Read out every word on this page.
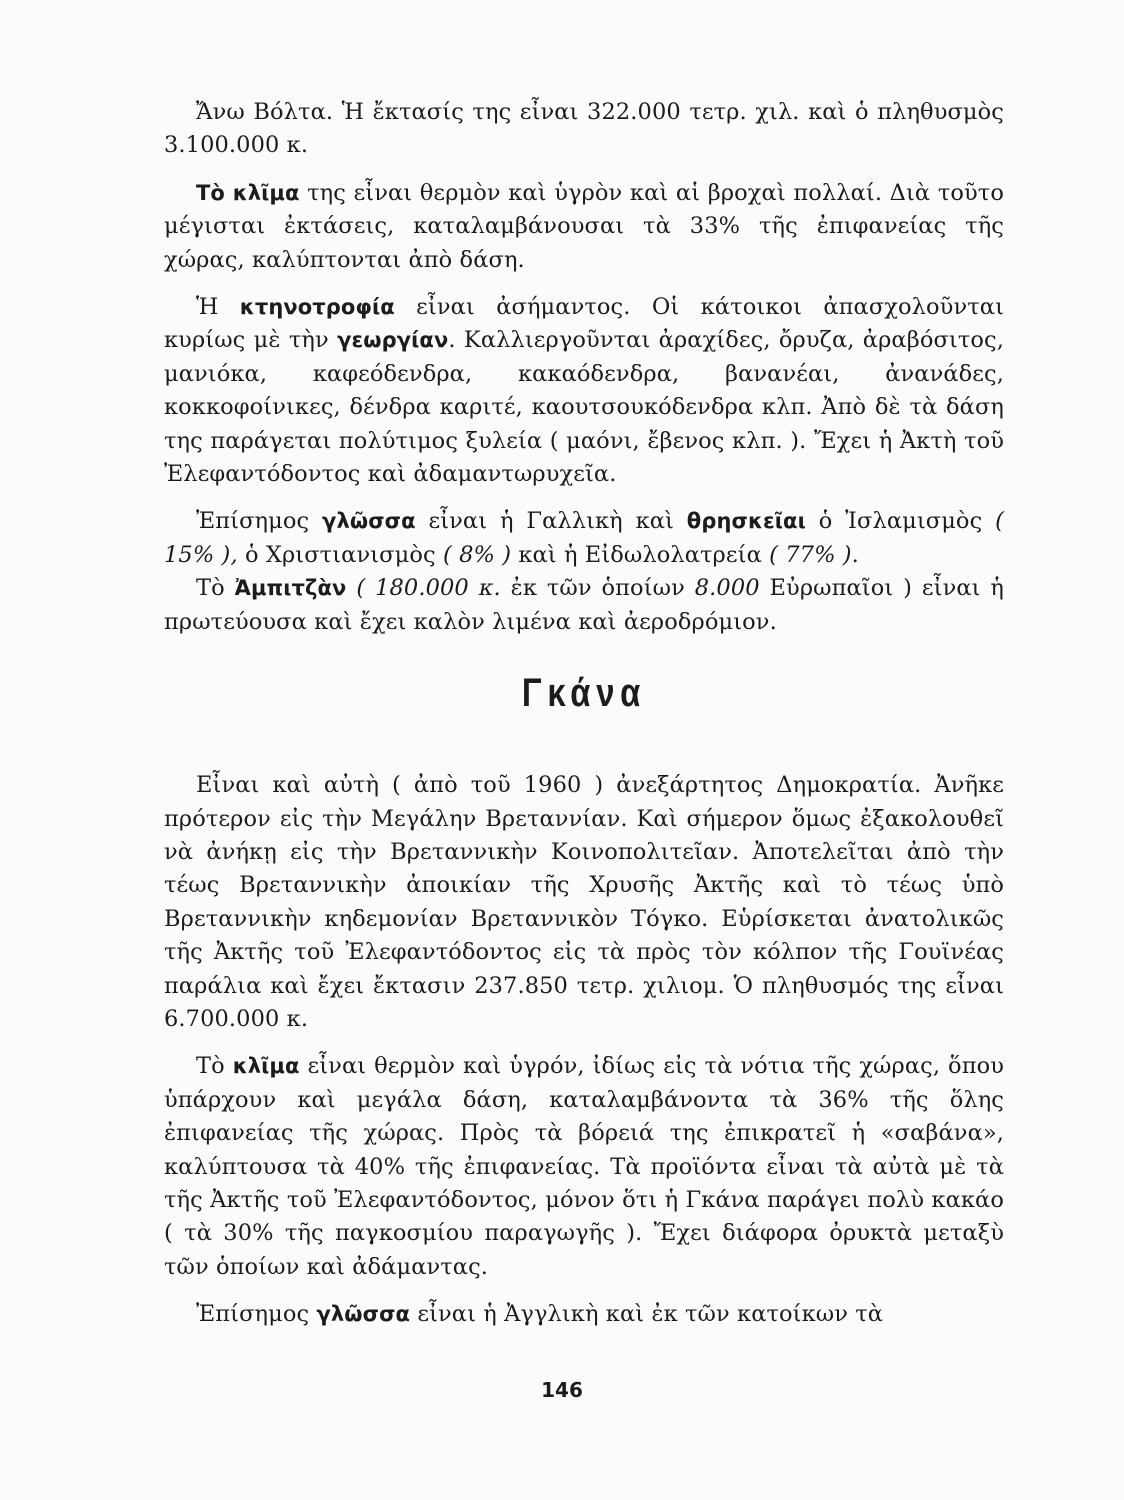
Ἄνω Βόλτα. Ἡ ἔκτασίς της εἶναι 322.000 τετρ. χιλ. καὶ ὁ πληθυσμὸς 3.100.000 κ.

Τὸ κλῖμα της εἶναι θερμὸν καὶ ὑγρὸν καὶ αἱ βροχαὶ πολλαί. Διὰ τοῦτο μέγισται ἐκτάσεις, καταλαμβάνουσαι τὰ 33% τῆς ἐπιφανείας τῆς χώρας, καλύπτονται ἀπὸ δάση.

Ἡ κτηνοτροφία εἶναι ἀσήμαντος. Οἱ κάτοικοι ἀπασχολοῦνται κυρίως μὲ τὴν γεωργίαν. Καλλιεργοῦνται ἀραχίδες, ὄρυζα, ἀραβόσιτος, μανιόκα, καφεόδενδρα, κακαόδενδρα, βανανέαι, ἀνανάδες, κοκκοφοίνικες, δένδρα καριτέ, καουτσουκόδενδρα κλπ. Ἀπὸ δὲ τὰ δάση της παράγεται πολύτιμος ξυλεία ( μαόνι, ἔβενος κλπ. ). Ἔχει ἡ Ἀκτὴ τοῦ Ἐλεφαντόδοντος καὶ ἀδαμαντωρυχεῖα.

Ἐπίσημος γλῶσσα εἶναι ἡ Γαλλικὴ καὶ θρησκεῖαι ὁ Ἰσλαμισμὸς ( 15% ), ὁ Χριστιανισμὸς ( 8% ) καὶ ἡ Εἰδωλολατρεία ( 77% ).

Τὸ Ἀμπιτζὰν ( 180.000 κ. ἐκ τῶν ὁποίων 8.000 Εὐρωπαῖοι ) εἶναι ἡ πρωτεύουσα καὶ ἔχει καλὸν λιμένα καὶ ἀεροδρόμιον.

Γκάνα

Εἶναι καὶ αὐτὴ ( ἀπὸ τοῦ 1960 ) ἀνεξάρτητος Δημοκρατία. Ἀνῆκε πρότερον εἰς τὴν Μεγάλην Βρεταννίαν. Καὶ σήμερον ὅμως ἐξακολουθεῖ νὰ ἀνήκῃ εἰς τὴν Βρεταννικὴν Κοινοπολιτεῖαν. Ἀποτελεῖται ἀπὸ τὴν τέως Βρεταννικὴν ἀποικίαν τῆς Χρυσῆς Ἀκτῆς καὶ τὸ τέως ὑπὸ Βρεταννικὴν κηδεμονίαν Βρεταννικὸν Τόγκο. Εὑρίσκεται ἀνατολικῶς τῆς Ἀκτῆς τοῦ Ἐλεφαντόδοντος εἰς τὰ πρὸς τὸν κόλπον τῆς Γουϊνέας παράλια καὶ ἔχει ἔκτασιν 237.850 τετρ. χιλιομ. Ὁ πληθυσμός της εἶναι 6.700.000 κ.

Τὸ κλῖμα εἶναι θερμὸν καὶ ὑγρόν, ἰδίως εἰς τὰ νότια τῆς χώρας, ὅπου ὑπάρχουν καὶ μεγάλα δάση, καταλαμβάνοντα τὰ 36% τῆς ὅλης ἐπιφανείας τῆς χώρας. Πρὸς τὰ βόρειά της ἐπικρατεῖ ἡ «σαβάνα», καλύπτουσα τὰ 40% τῆς ἐπιφανείας. Τὰ προϊόντα εἶναι τὰ αὐτὰ μὲ τὰ τῆς Ἀκτῆς τοῦ Ἐλεφαντόδοντος, μόνον ὅτι ἡ Γκάνα παράγει πολὺ κακάο ( τὰ 30% τῆς παγκοσμίου παραγωγῆς ). Ἔχει διάφορα ὀρυκτὰ μεταξὺ τῶν ὁποίων καὶ ἀδάμαντας.

Ἐπίσημος γλῶσσα εἶναι ἡ Ἀγγλικὴ καὶ ἐκ τῶν κατοίκων τὰ

146
